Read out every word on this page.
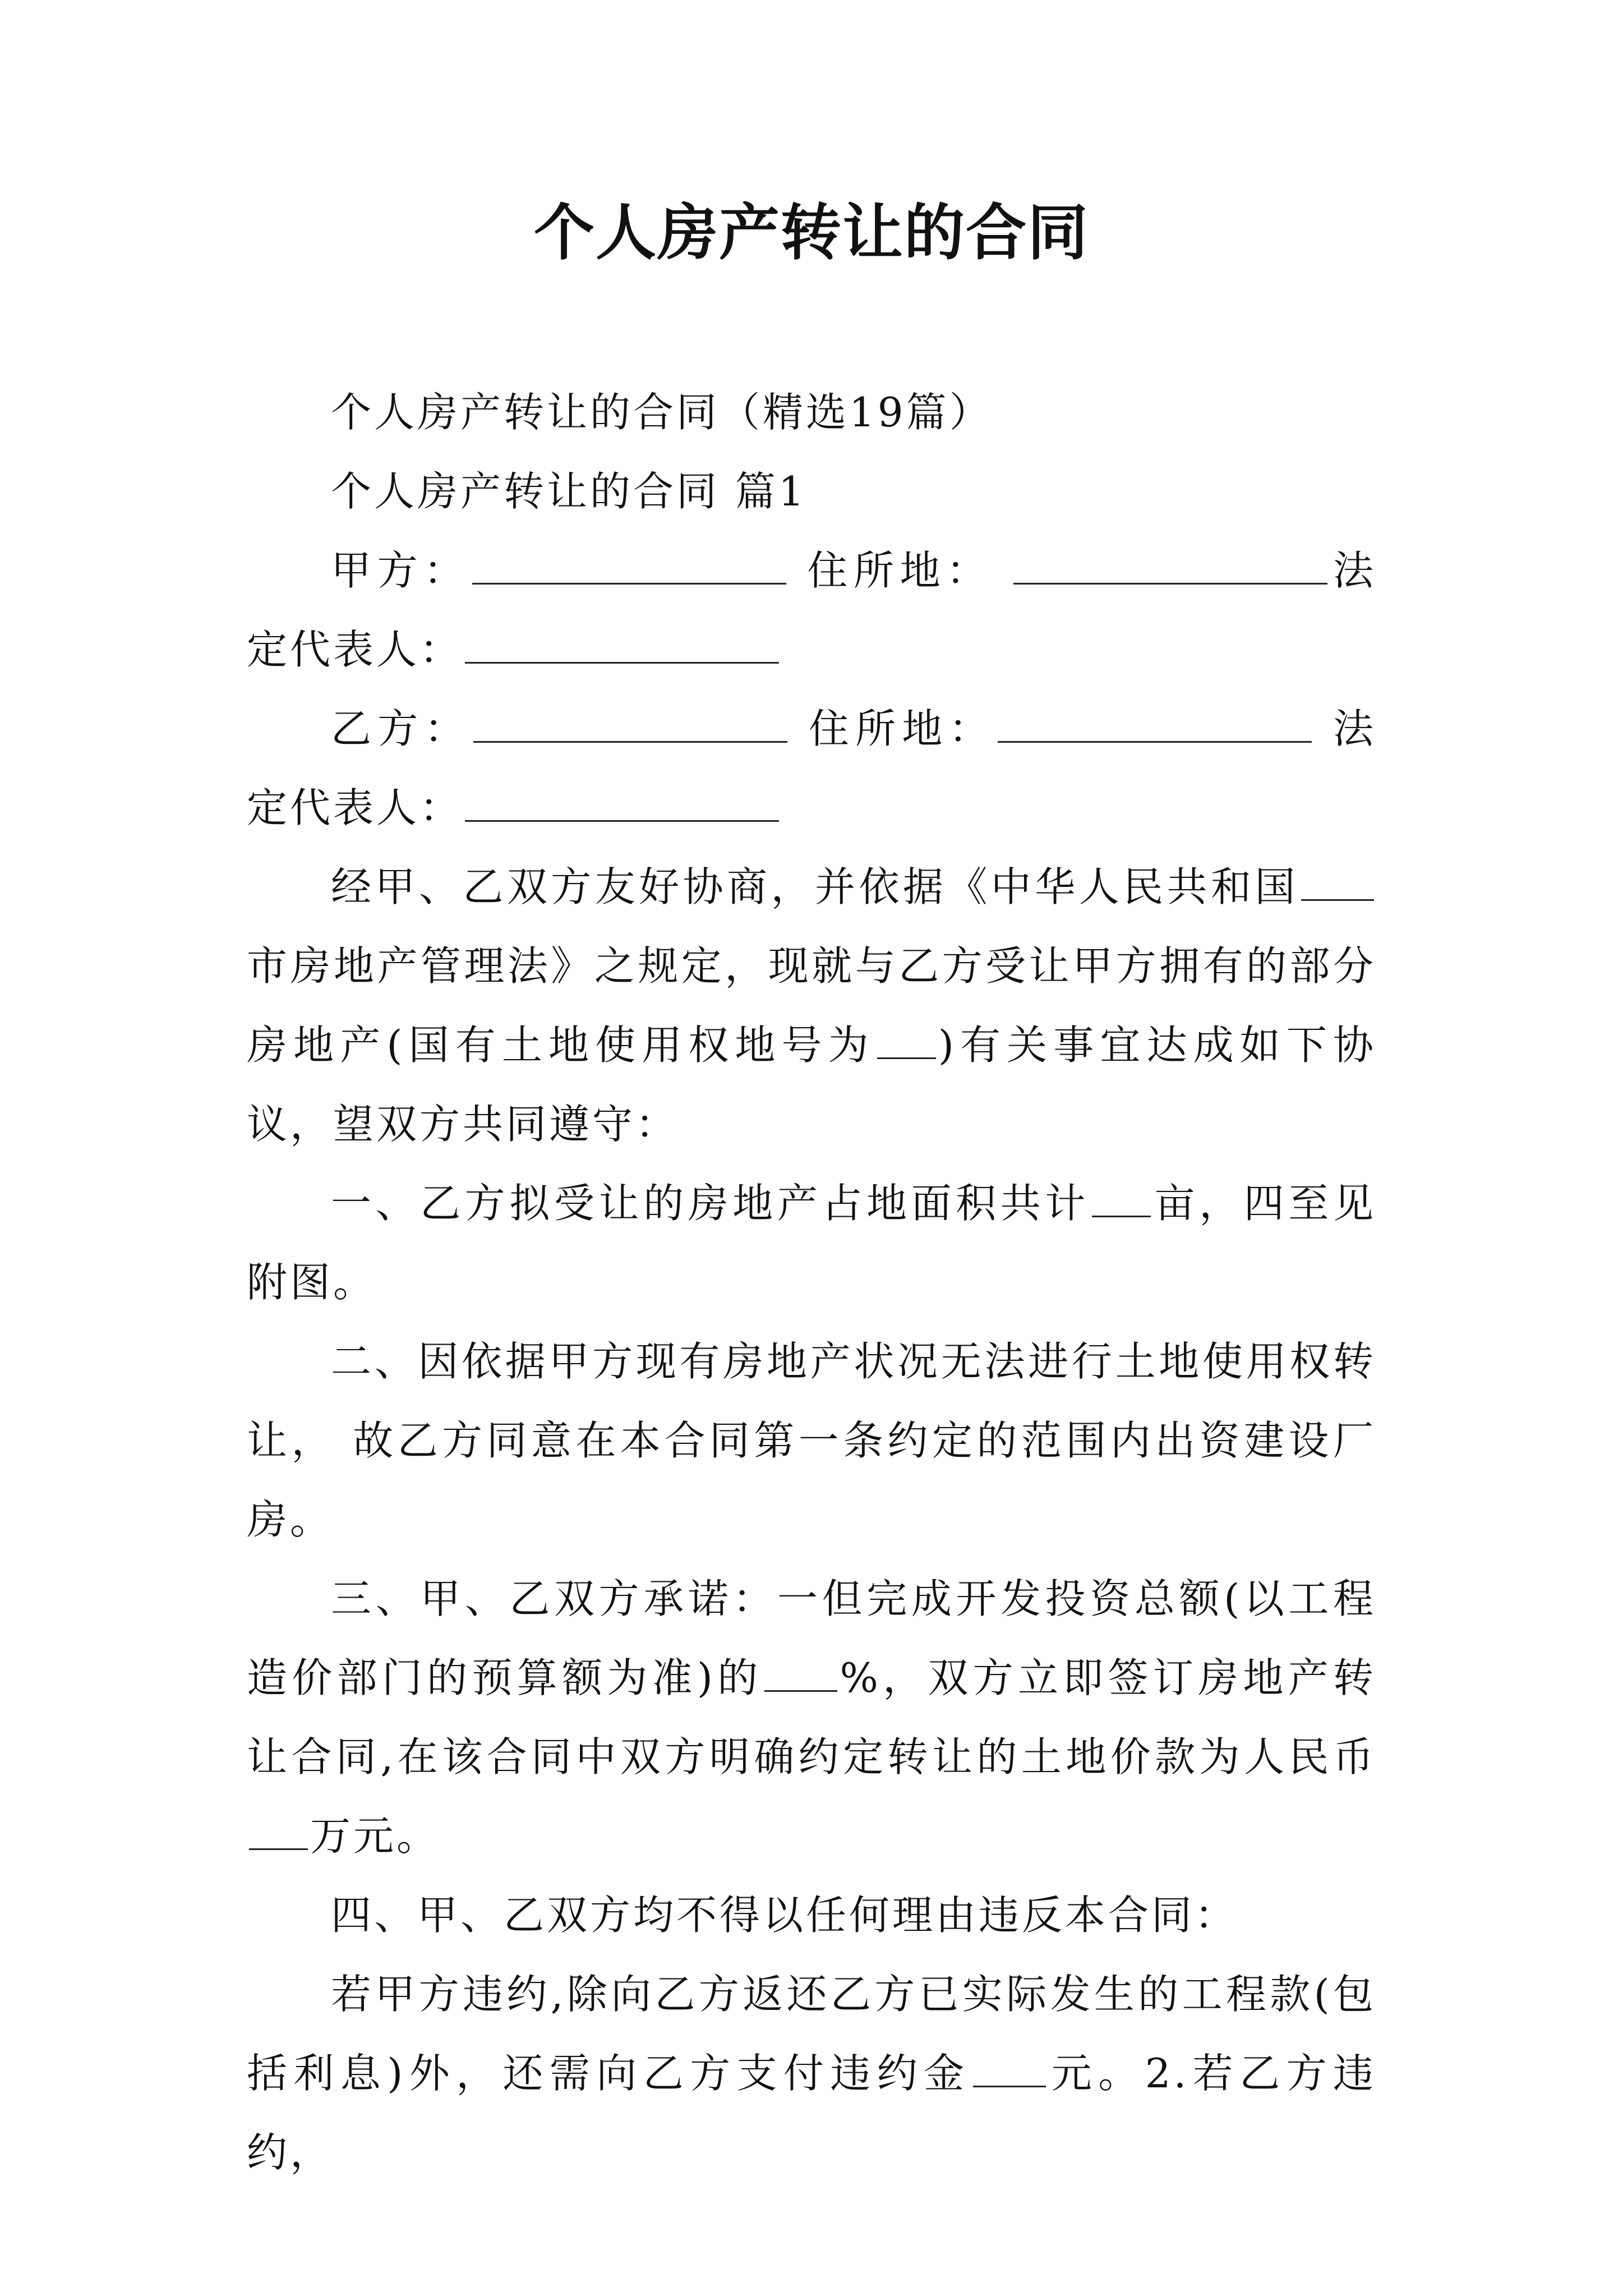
个人房产转让的合同

个人房产转让的合同（精选19篇）

个人房产转让的合同 篇1

甲方：	住所地：	法定代表人：

乙方：	住所地：	法定代表人：

经甲、乙双方友好协商，并依据《中华人民共和国市房地产管理法》之规定，现就与乙方受让甲方拥有的部分房地产(国有土地使用权地号为 )有关事宜达成如下协议，望双方共同遵守：

一、乙方拟受让的房地产占地面积共计 亩，四至见附图。

二、因依据甲方现有房地产状况无法进行土地使用权转让， 故乙方同意在本合同第一条约定的范围内出资建设厂房。

三、甲、乙双方承诺：一但完成开发投资总额(以工程造价部门的预算额为准)的 %，双方立即签订房地产转让合同,在该合同中双方明确约定转让的土地价款为人民币万元。

四、甲、乙双方均不得以任何理由违反本合同：

若甲方违约,除向乙方返还乙方已实际发生的工程款(包括利息)外，还需向乙方支付违约金 元。2.若乙方违约，
